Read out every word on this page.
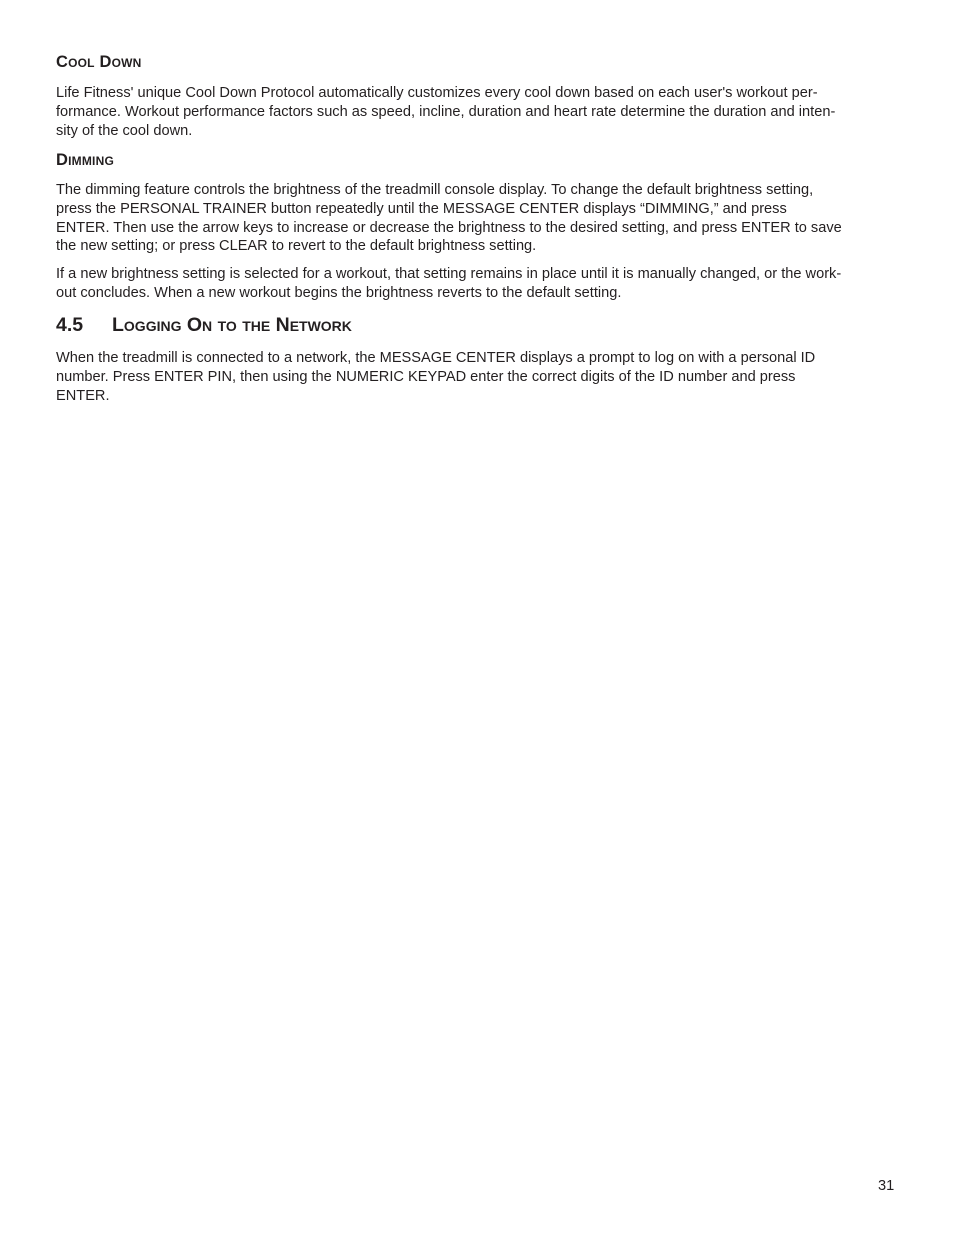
Cool Down

Life Fitness' unique Cool Down Protocol automatically customizes every cool down based on each user's workout per-
formance. Workout performance factors such as speed, incline, duration and heart rate determine the duration and inten-
sity of the cool down.

Dimming

The dimming feature controls the brightness of the treadmill console display. To change the default brightness setting,
press the PERSONAL TRAINER button repeatedly until the MESSAGE CENTER displays “DIMMING,” and press
ENTER. Then use the arrow keys to increase or decrease the brightness to the desired setting, and press ENTER to save
the new setting; or press CLEAR to revert to the default brightness setting.

If a new brightness setting is selected for a workout, that setting remains in place until it is manually changed, or the work-
out concludes. When a new workout begins the brightness reverts to the default setting.

4.5 Logging On to the Network

When the treadmill is connected to a network, the MESSAGE CENTER displays a prompt to log on with a personal ID
number. Press ENTER PIN, then using the NUMERIC KEYPAD enter the correct digits of the ID number and press
ENTER.

31
